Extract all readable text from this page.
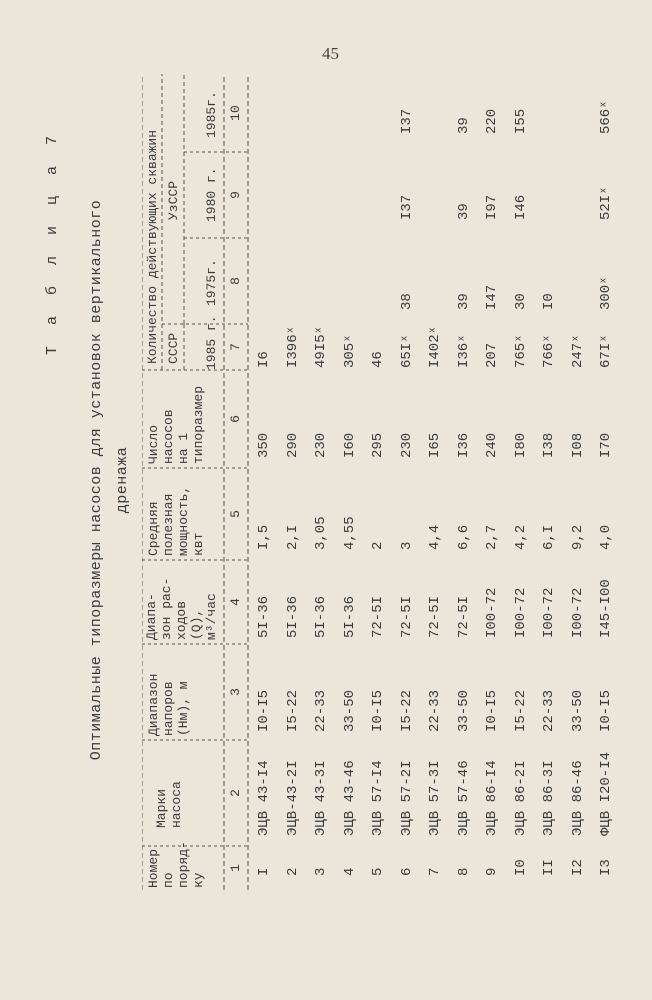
45
Т а б л и ц а 7 Оптимальные типоразмеры насосов для установок вертикального дренажа
Номер
по
поряд-
ку
Марки
насоса
Диапазон
напоров
(Нм), м
Диапа-
зон рас-
ходов
(Q),
м³/час
Средняя
полезная
мощность,
квт
Число
насосов
на 1
типоразмер
Количество действующих скважин СССР
УзССР
1985 г.
1975г.
1980 г.
1985г.
1
2
3
4
5
6
7
8
9
10
I
ЭЦВ 43-I4
I0-I5
5I-36
I,5
350
I6
2
ЭЦВ-43-2I
I5-22
5I-36
2,I
290
I396ˣ
3
ЭЦВ 43-3I
22-33
5I-36
3,05
230
49I5ˣ
4
ЭЦВ 43-46
33-50
5I-36
4,55
I60
305ˣ
5
ЭЦВ 57-I4
I0-I5
72-5I
2
295
46
6
ЭЦВ 57-2I
I5-22
72-5I
3
230
65Iˣ
38
I37
I37
7
ЭЦВ 57-3I
22-33
72-5I
4,4
I65
I402ˣ
8
ЭЦВ 57-46
33-50
72-5I
6,6
I36
I36ˣ
39
39
39
9
ЭЦВ 86-I4
I0-I5
I00-72
2,7
240
207
I47
I97
220
I0
ЭЦВ 86-2I
I5-22
I00-72
4,2
I80
765ˣ
30
I46
I55
II
ЭЦВ 86-3I
22-33
I00-72
6,I
I38
766ˣ
I0
I2
ЭЦВ 86-46
33-50
I00-72
9,2
I08
247ˣ
I3
ФЦВ I20-I4
I0-I5
I45-I00
4,0
I70
67Iˣ
300ˣ
52Iˣ
566ˣ
